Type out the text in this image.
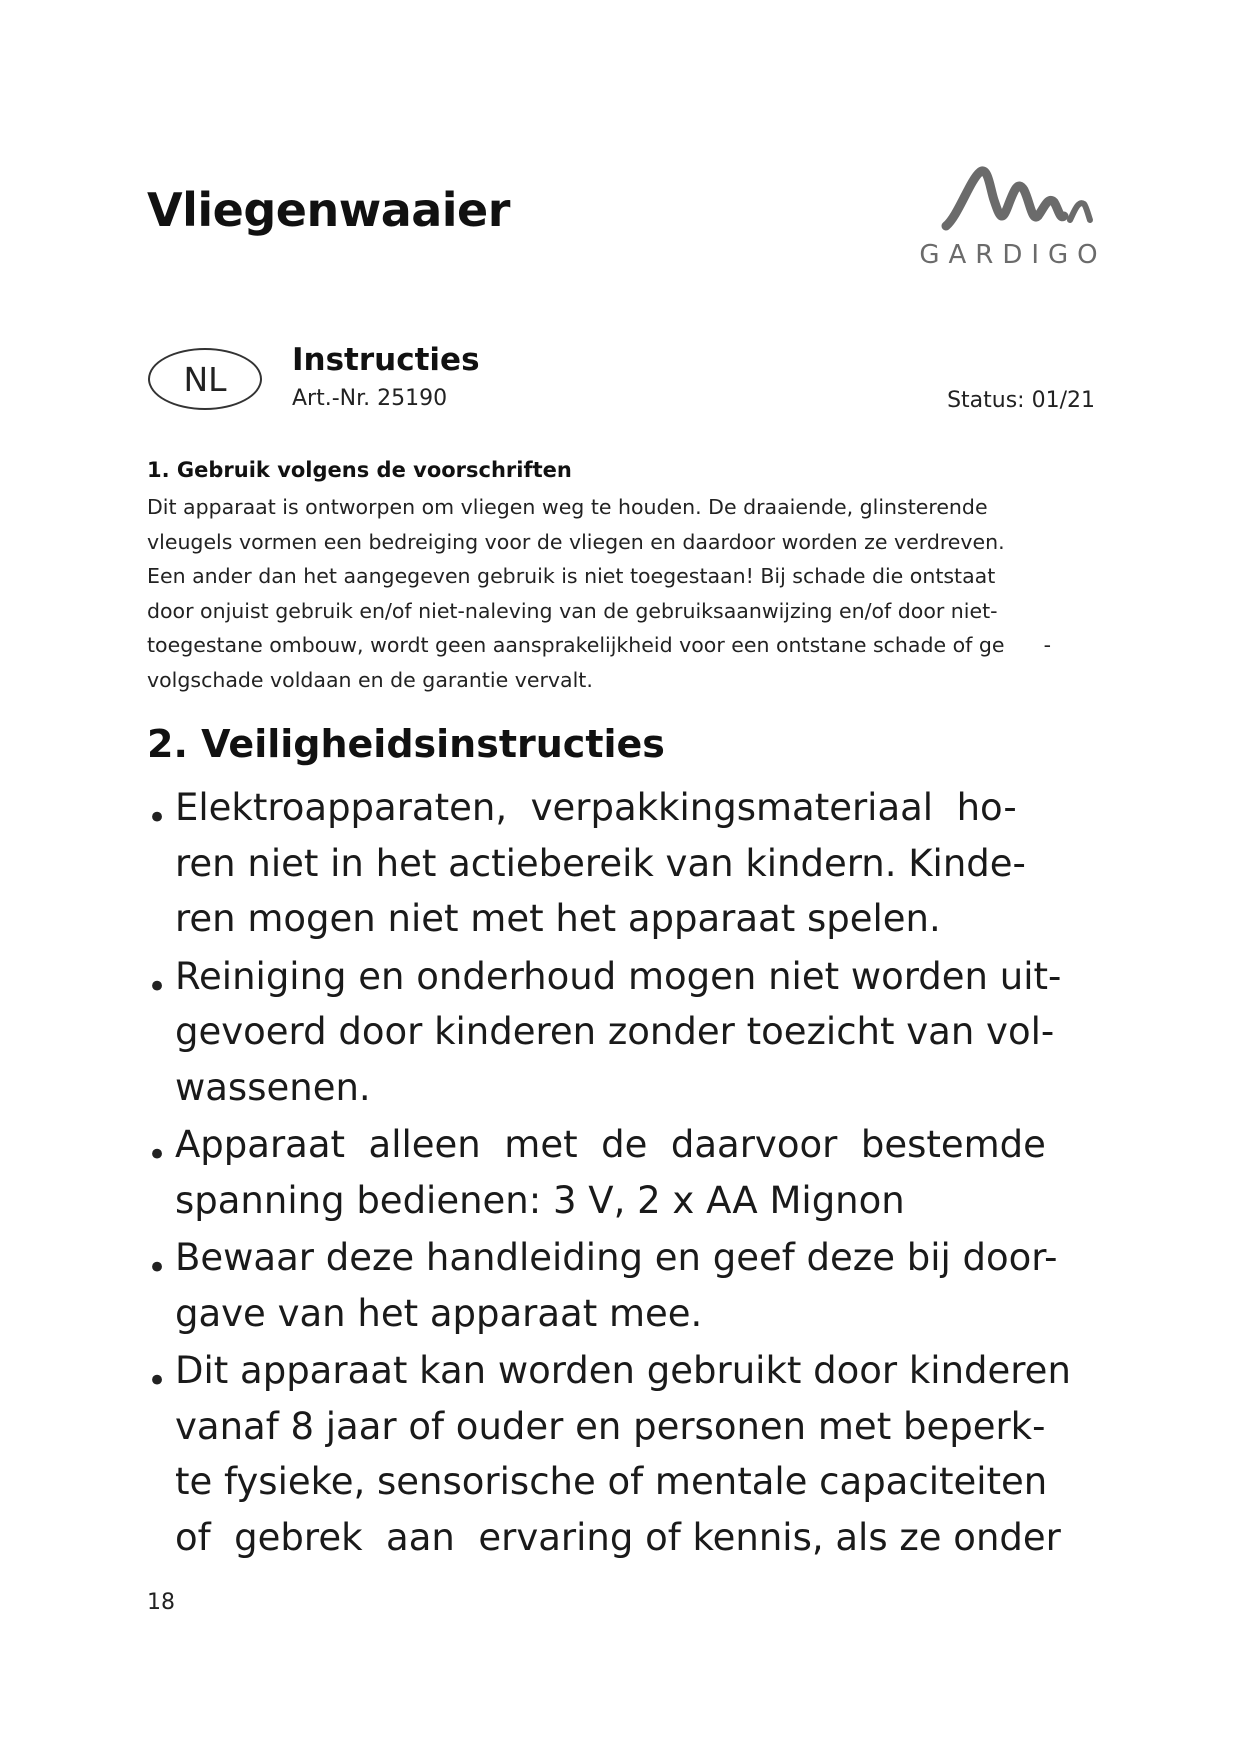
Vliegenwaaier
GARDIGO
NL	Instructies
Art.-Nr. 25190	Status: 01/21
1. Gebruik volgens de voorschriften
Dit apparaat is ontworpen om vliegen weg te houden. De draaiende, glinsterende
vleugels vormen een bedreiging voor de vliegen en daardoor worden ze verdreven.
Een ander dan het aangegeven gebruik is niet toegestaan! Bij schade die ontstaat
door onjuist gebruik en/of niet-naleving van de gebruiksaanwijzing en/of door niet-
toegestane ombouw, wordt geen aansprakelijkheid voor een ontstane schade of ge      -
volgschade voldaan en de garantie vervalt.
2. Veiligheidsinstructies
• Elektroapparaten,  verpakkingsmateriaal  ho-
ren niet in het actiebereik van kindern. Kinde-
ren mogen niet met het apparaat spelen.
• Reiniging en onderhoud mogen niet worden uit-
gevoerd door kinderen zonder toezicht van vol-
wassenen.
• Apparaat  alleen  met  de  daarvoor  bestemde
spanning bedienen: 3 V, 2 x AA Mignon
• Bewaar deze handleiding en geef deze bij door-
gave van het apparaat mee.
• Dit apparaat kan worden gebruikt door kinderen
vanaf 8 jaar of ouder en personen met beperk-
te fysieke, sensorische of mentale capaciteiten
of  gebrek  aan  ervaring of kennis, als ze onder
18
